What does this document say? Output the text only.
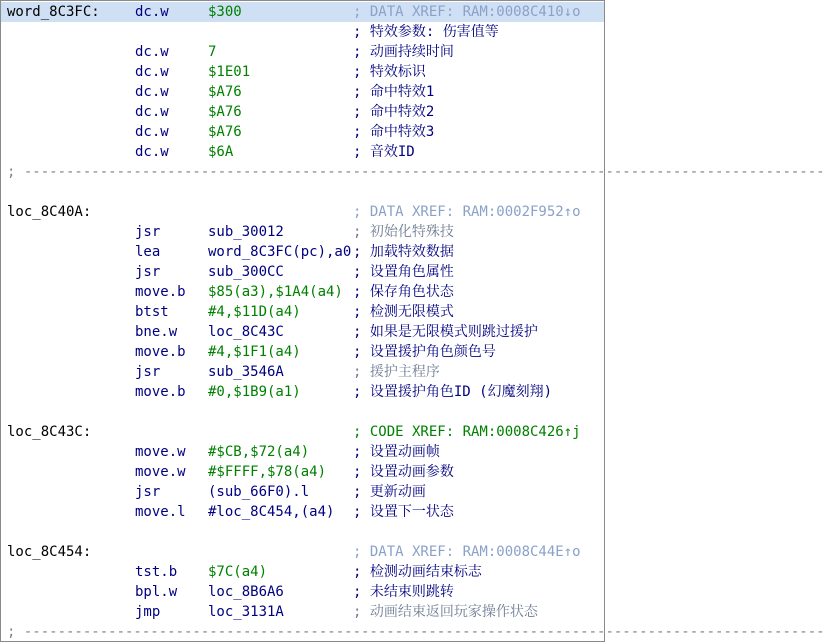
word_8C3FC:	dc.w	$300	; DATA XREF: RAM:0008C410↓o
; 特效参数: 伤害值等
dc.w	7	; 动画持续时间
dc.w	$1E01	; 特效标识
dc.w	$A76	; 命中特效1
dc.w	$A76	; 命中特效2
dc.w	$A76	; 命中特效3
dc.w	$6A	; 音效ID
; -----------------------------------------------------------------------------------------------
loc_8C40A:	; DATA XREF: RAM:0002F952↑o
jsr	sub_30012	; 初始化特殊技
lea	word_8C3FC(pc),a0 ; 加载特效数据
jsr	sub_300CC	; 设置角色属性
move.b $85(a3),$1A4(a4) ; 保存角色状态
btst	#4,$11D(a4)	; 检测无限模式
bne.w loc_8C43C	; 如果是无限模式则跳过援护
move.b #4,$1F1(a4)	; 设置援护角色颜色号
jsr	sub_3546A	; 援护主程序
move.b #0,$1B9(a1)	; 设置援护角色ID (幻魔刻翔)
loc_8C43C:	; CODE XREF: RAM:0008C426↑j
move.w #$CB,$72(a4)	; 设置动画帧
move.w #$FFFF,$78(a4) ; 设置动画参数
jsr	(sub_66F0).l	; 更新动画
move.l #loc_8C454,(a4) ; 设置下一状态
loc_8C454:	; DATA XREF: RAM:0008C44E↑o
tst.b $7C(a4)	; 检测动画结束标志
bpl.w loc_8B6A6	; 未结束则跳转
jmp	loc_3131A	; 动画结束返回玩家操作状态
; -----------------------------------------------------------------------------------------------
